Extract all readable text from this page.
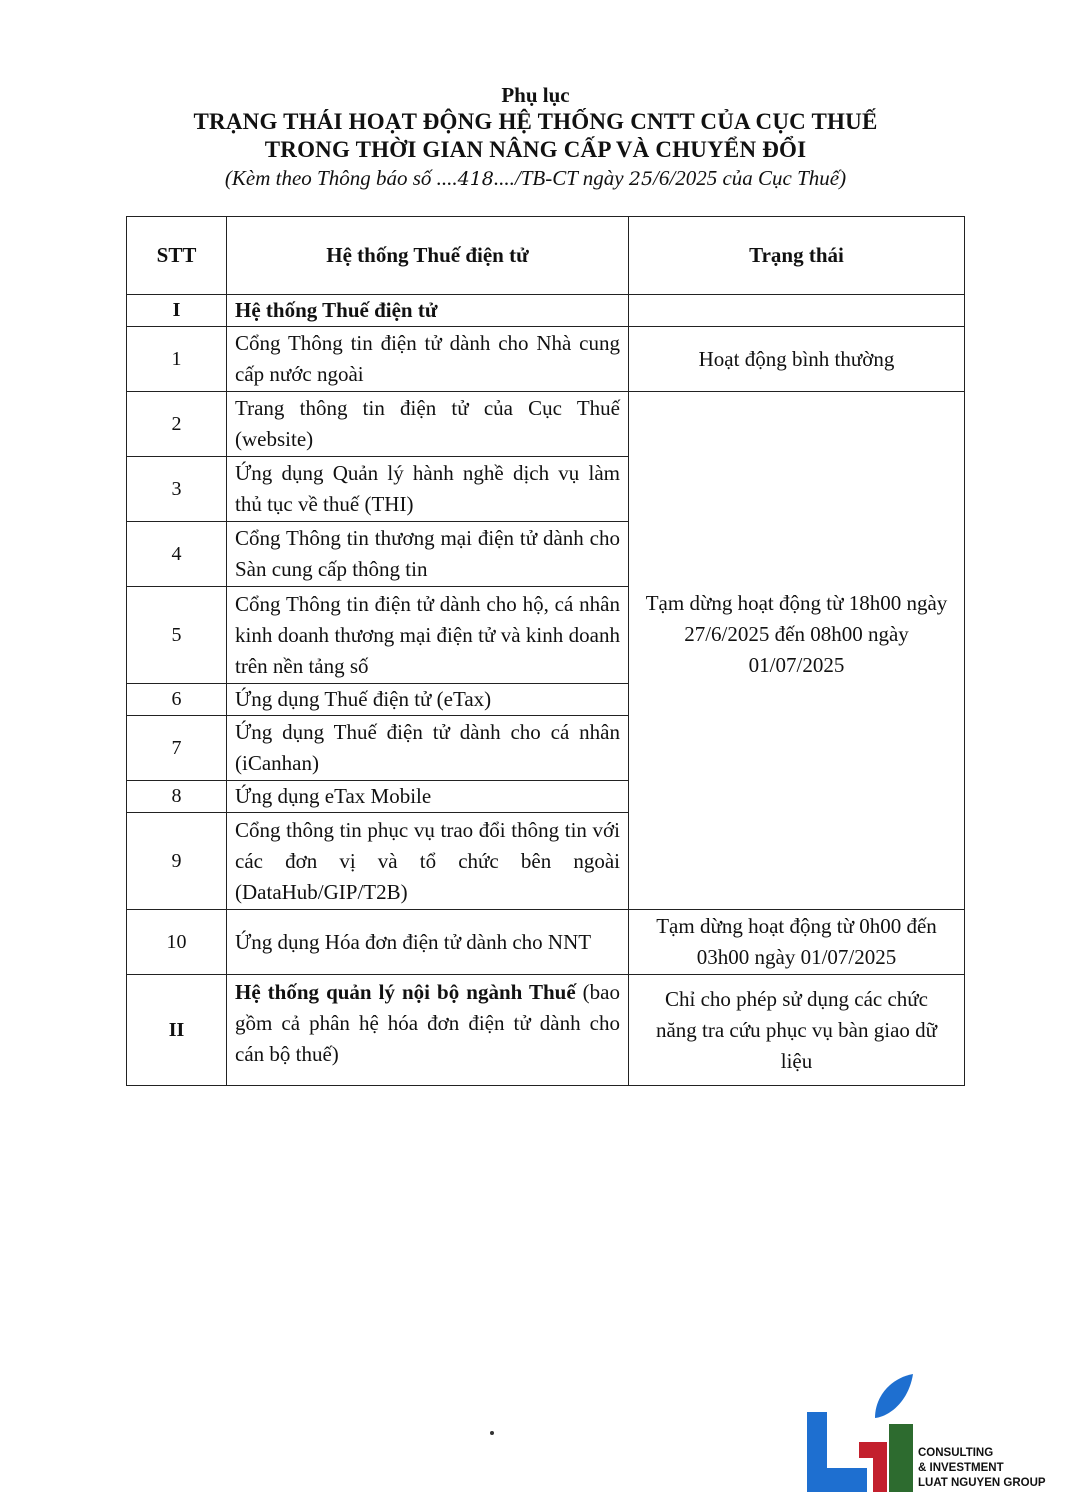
Phụ lục
TRẠNG THÁI HOẠT ĐỘNG HỆ THỐNG CNTT CỦA CỤC THUẾ
TRONG THỜI GIAN NÂNG CẤP VÀ CHUYỂN ĐỔI
(Kèm theo Thông báo số ....418..../TB-CT ngày 25/6/2025 của Cục Thuế)
STT	Hệ thống Thuế điện tử	Trạng thái
I	Hệ thống Thuế điện tử	
1	Cổng Thông tin điện tử dành cho Nhà cung cấp nước ngoài	Hoạt động bình thường
2	Trang thông tin điện tử của Cục Thuế (website)	Tạm dừng hoạt động từ 18h00 ngày 27/6/2025 đến 08h00 ngày 01/07/2025
3	Ứng dụng Quản lý hành nghề dịch vụ làm thủ tục về thuế (THI)	
4	Cổng Thông tin thương mại điện tử dành cho Sàn cung cấp thông tin	
5	Cổng Thông tin điện tử dành cho hộ, cá nhân kinh doanh thương mại điện tử và kinh doanh trên nền tảng số	
6	Ứng dụng Thuế điện tử (eTax)	
7	Ứng dụng Thuế điện tử dành cho cá nhân (iCanhan)	
8	Ứng dụng eTax Mobile	
9	Cổng thông tin phục vụ trao đổi thông tin với các đơn vị và tổ chức bên ngoài (DataHub/GIP/T2B)	
10	Ứng dụng Hóa đơn điện tử dành cho NNT	Tạm dừng hoạt động từ 0h00 đến 03h00 ngày 01/07/2025
II	Hệ thống quản lý nội bộ ngành Thuế (bao gồm cả phân hệ hóa đơn điện tử dành cho cán bộ thuế)	Chỉ cho phép sử dụng các chức năng tra cứu phục vụ bàn giao dữ liệu
CONSULTING
& INVESTMENT
LUAT NGUYEN GROUP
